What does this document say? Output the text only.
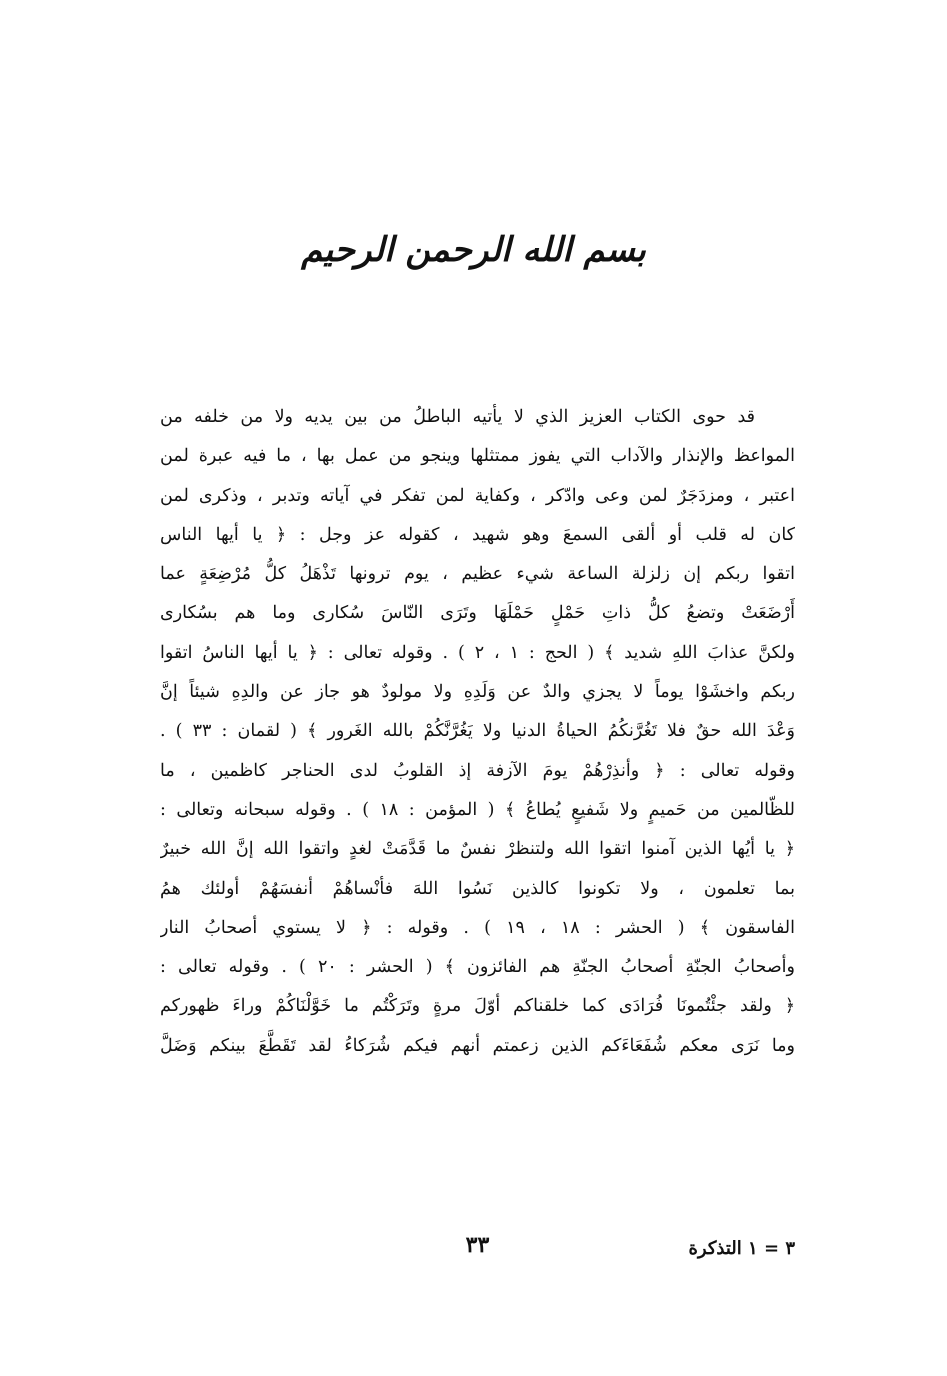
بسم الله الرحمن الرحيم
قد حوى الكتاب العزيز الذي لا يأتيه الباطلُ من بين يديه ولا من خلفه من
المواعظ والإنذار والآداب التي يفوز ممتثلها وينجو من عمل بها ، ما فيه عبرة لمن
اعتبر ، ومزدَجَرٌ لمن وعى وادّكر ، وكفاية لمن تفكر في آياته وتدبر ، وذكرى لمن
كان له قلب أو ألقى السمعَ وهو شهيد ، كقوله عز وجل : ﴿ يا أيها الناس
اتقوا ربكم إن زلزلة الساعة شيء عظيم ، يوم ترونها تَذْهَلُ كلُّ مُرْضِعَةٍ عما
أَرْضَعَتْ وتضعُ كلُّ ذاتِ حَمْلٍ حَمْلَهَا وتَرَى النّاسَ سُكارى وما هم بسُكارى
ولكنَّ عذابَ اللهِ شديد ﴾ ( الحج : ١ ، ٢ ) . وقوله تعالى : ﴿ يا أيها الناسُ اتقوا
ربكم واخشَوْا يوماً لا يجزي والدٌ عن وَلَدِهِ ولا مولودٌ هو جاز عن والدِهِ شيئاً إنَّ
وَعْدَ الله حقٌ فلا تَغُرَّنكُمُ الحياةُ الدنيا ولا يَغُرَّنَّكُمْ بالله الغَرور ﴾ ( لقمان : ٣٣ ) .
وقوله تعالى : ﴿ وأنذِرْهُمْ يومَ الآزفة إذ القلوبُ لدى الحناجر كاظمين ، ما
للظّالمين من حَميمٍ ولا شَفيعٍ يُطاعُ ﴾ ( المؤمن : ١٨ ) . وقوله سبحانه وتعالى :
﴿ يا أيُها الذين آمنوا اتقوا الله ولتنظرْ نفسٌ ما قَدَّمَتْ لغدٍ واتقوا الله إنَّ الله خبيرٌ
بما تعلمون ، ولا تكونوا كالذين نَسُوا اللهَ فأنْساهُمْ أنفسَهُمْ أولئك همُ
الفاسقون ﴾ ( الحشر : ١٨ ، ١٩ ) . وقوله : ﴿ لا يستوي أصحابُ النار
وأصحابُ الجنّةِ أصحابُ الجنّةِ هم الفائزون ﴾ ( الحشر : ٢٠ ) . وقوله تعالى :
﴿ ولقد جئْتُمونَا فُرَادَى كما خلقناكم أوّلَ مرةٍ وتَرَكْتُم ما خَوَّلْنَاكُمْ وراءَ ظهوركم
وما نَرَى معكم شُفَعَاءَكم الذين زعمتم أنهم فيكم شُرَكاءُ لقد تَقَطَّعَ بينكم وَضَلَّ
٣ = ١ التذكرة
٣٣
